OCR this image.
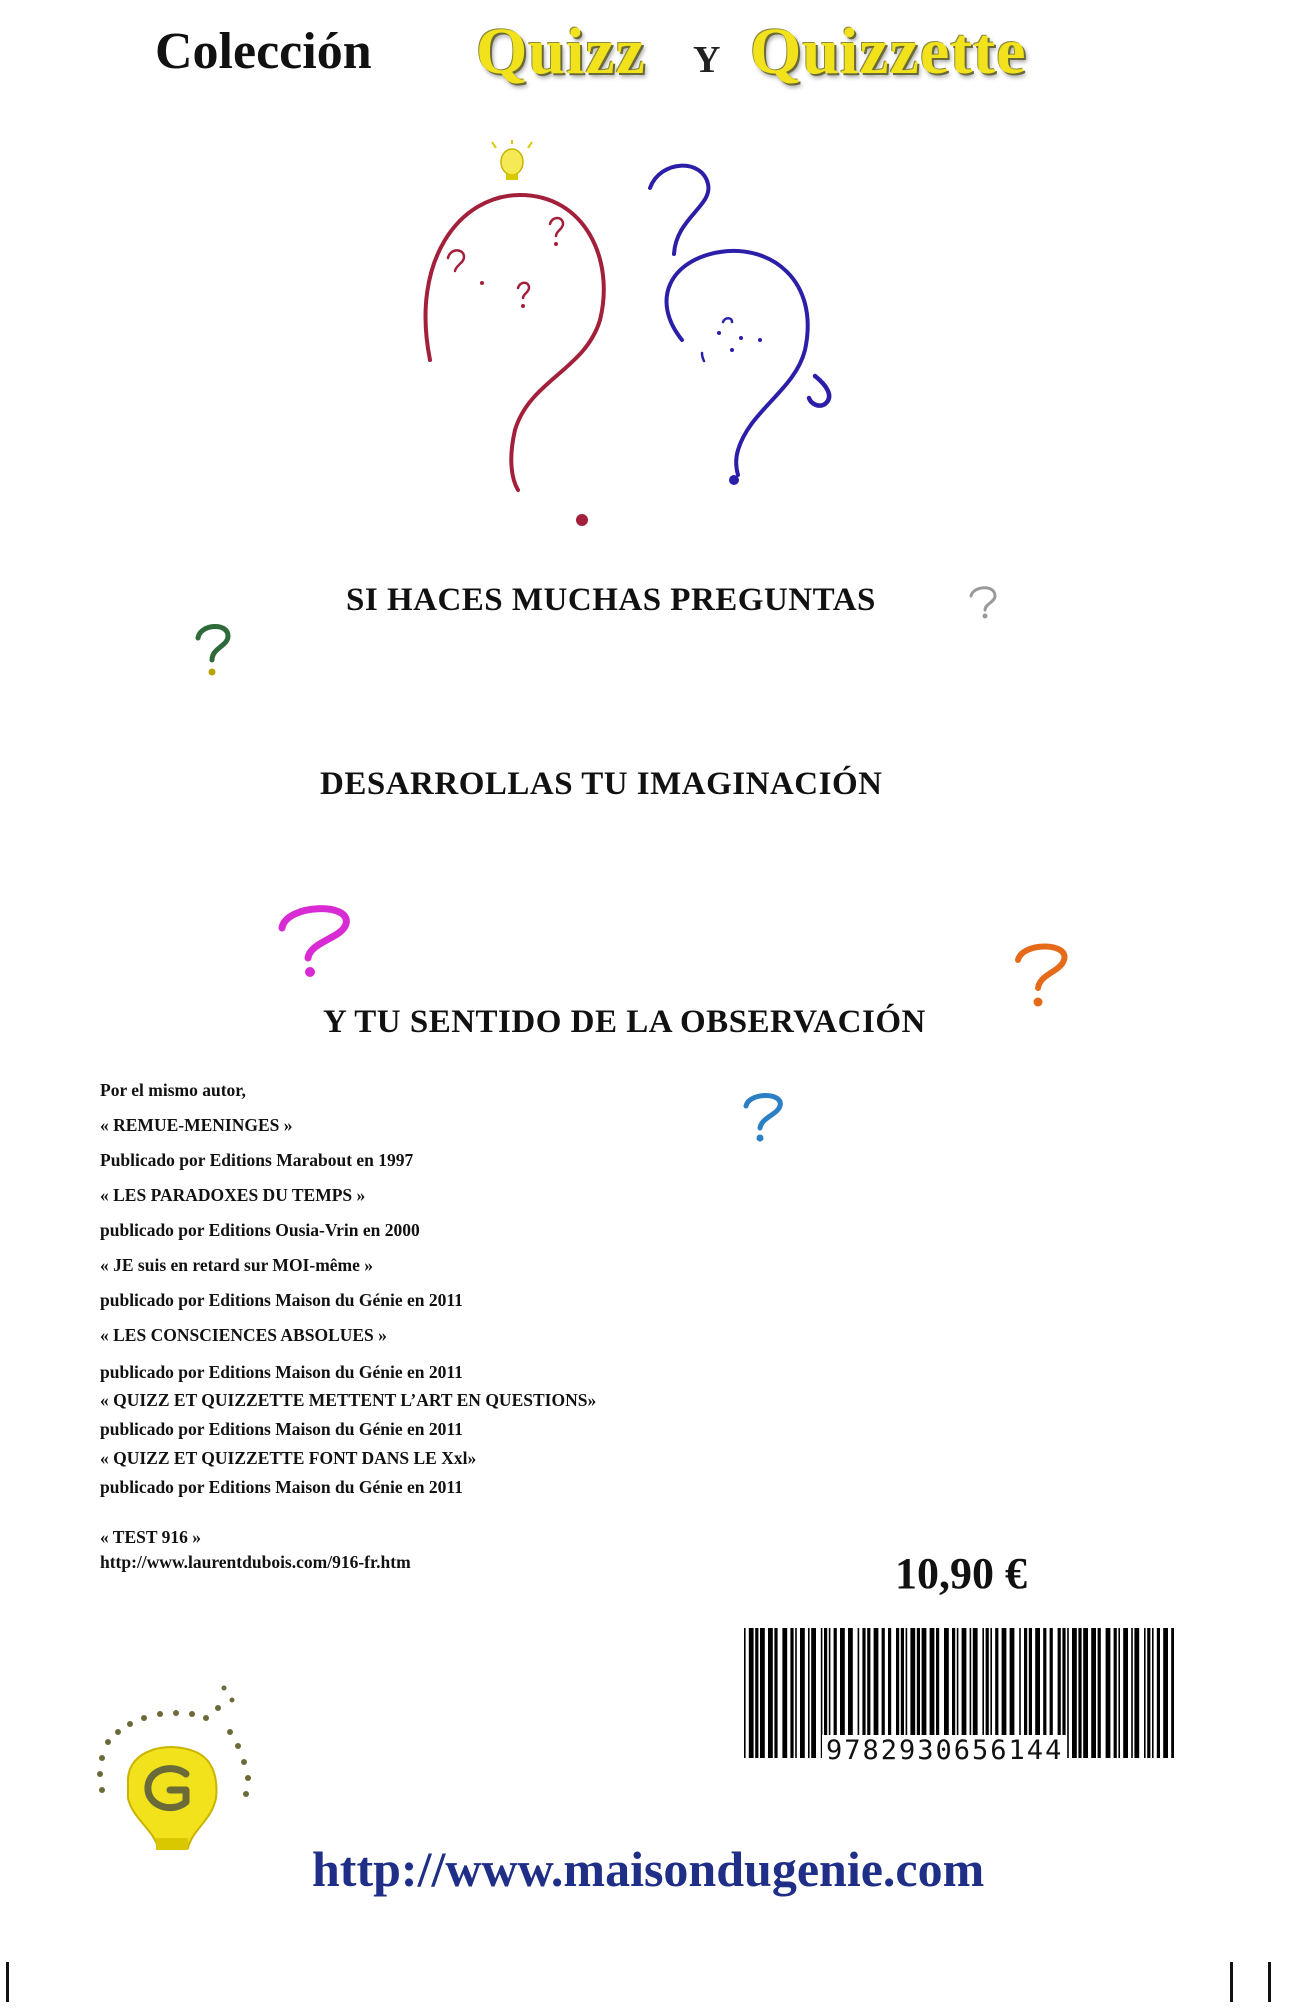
Colección Quizz Y Quizzette
SI HACES MUCHAS PREGUNTAS
DESARROLLAS TU IMAGINACIÓN
Y TU SENTIDO DE LA OBSERVACIÓN
Por el mismo autor,
« REMUE-MENINGES »
Publicado por Editions Marabout en 1997
« LES PARADOXES DU TEMPS »
publicado por Editions Ousia-Vrin en 2000
« JE suis en retard sur MOI-même »
publicado por Editions Maison du Génie en 2011
« LES CONSCIENCES ABSOLUES »
publicado por Editions Maison du Génie en 2011
« QUIZZ ET QUIZZETTE METTENT L’ART EN QUESTIONS»
publicado por Editions Maison du Génie en 2011
« QUIZZ ET QUIZZETTE FONT DANS LE Xxl»
publicado por Editions Maison du Génie en 2011
« TEST 916 »
http://www.laurentdubois.com/916-fr.htm	10,90 €
9782930656144
http://www.maisondugenie.com
